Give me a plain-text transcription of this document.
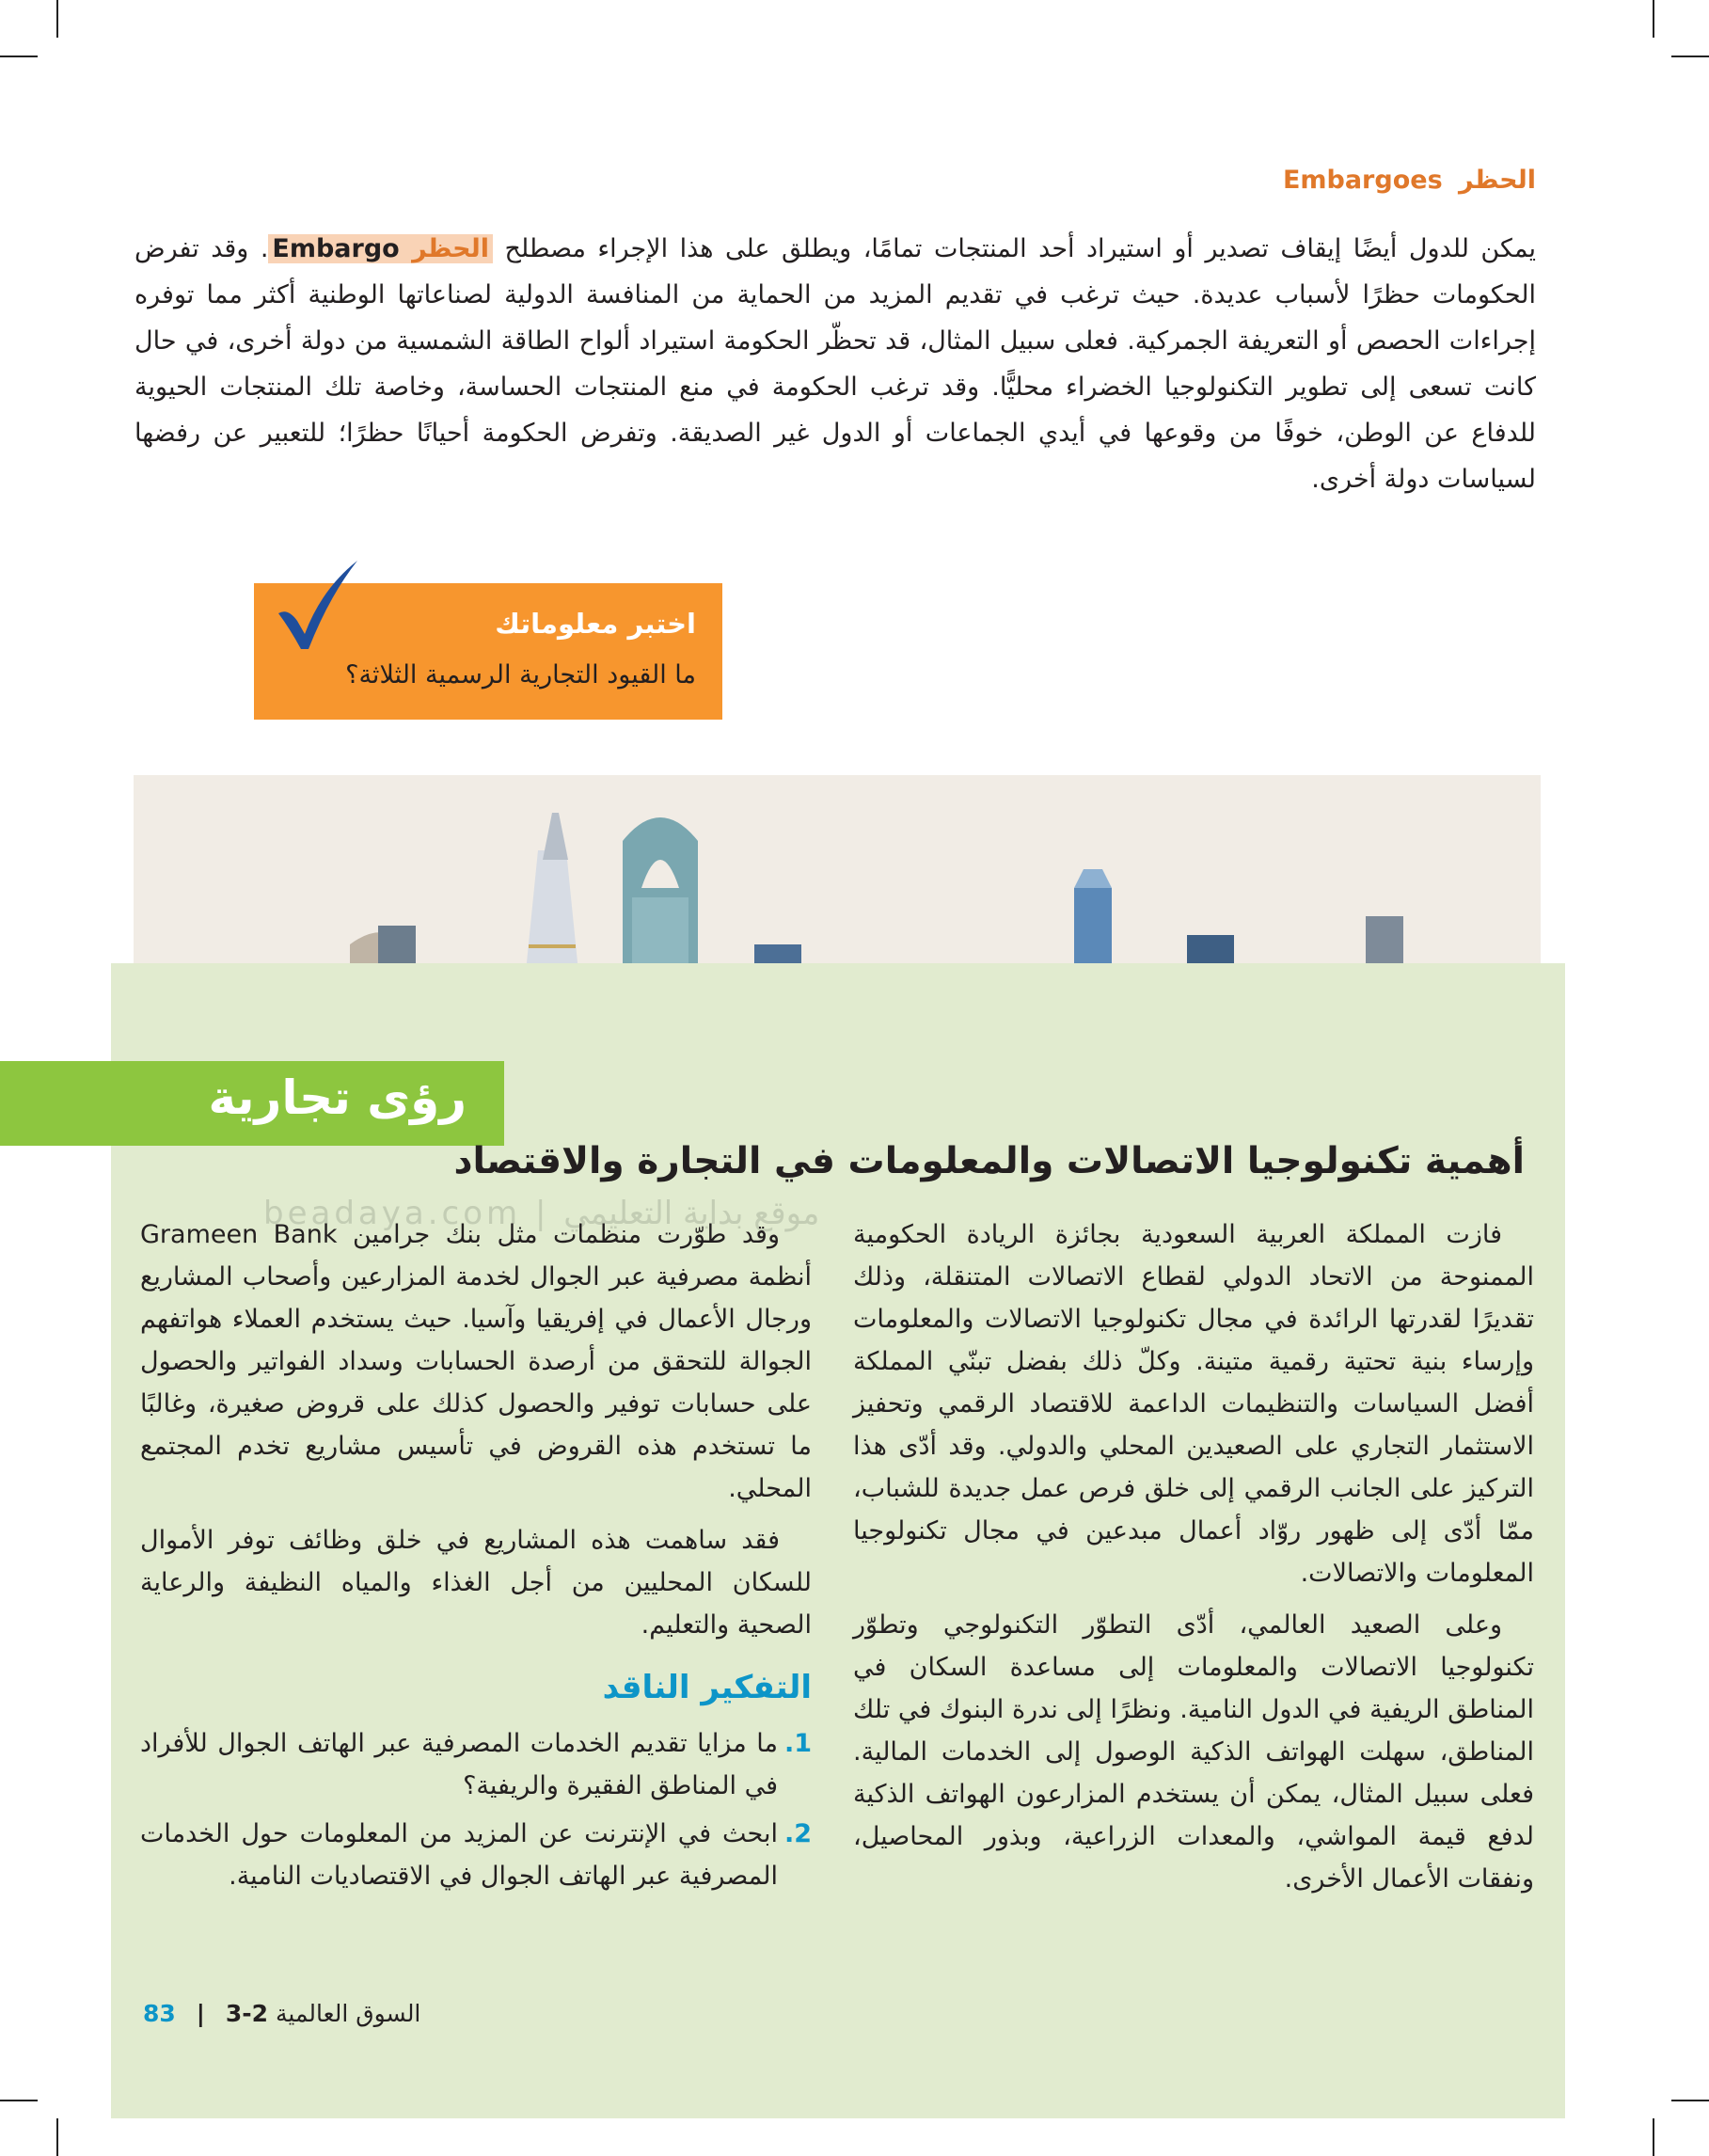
الحظر Embargoes

يمكن للدول أيضًا إيقاف تصدير أو استيراد أحد المنتجات تمامًا، ويطلق على هذا الإجراء مصطلح الحظر Embargo. وقد تفرض الحكومات حظرًا لأسباب عديدة. حيث ترغب في تقديم المزيد من الحماية من المنافسة الدولية لصناعاتها الوطنية أكثر مما توفره إجراءات الحصص أو التعريفة الجمركية. فعلى سبيل المثال، قد تحظّر الحكومة استيراد ألواح الطاقة الشمسية من دولة أخرى، في حال كانت تسعى إلى تطوير التكنولوجيا الخضراء محليًّا. وقد ترغب الحكومة في منع المنتجات الحساسة، وخاصة تلك المنتجات الحيوية للدفاع عن الوطن، خوفًا من وقوعها في أيدي الجماعات أو الدول غير الصديقة. وتفرض الحكومة أحيانًا حظرًا؛ للتعبير عن رفضها لسياسات دولة أخرى.

اختبر معلوماتك
ما القيود التجارية الرسمية الثلاثة؟
beadaya.com | موقع بداية التعليمي
رؤى تجارية
أهمية تكنولوجيا الاتصالات والمعلومات في التجارة والاقتصاد

فازت المملكة العربية السعودية بجائزة الريادة الحكومية الممنوحة من الاتحاد الدولي لقطاع الاتصالات المتنقلة، وذلك تقديرًا لقدرتها الرائدة في مجال تكنولوجيا الاتصالات والمعلومات وإرساء بنية تحتية رقمية متينة. وكلّ ذلك بفضل تبنّي المملكة أفضل السياسات والتنظيمات الداعمة للاقتصاد الرقمي وتحفيز الاستثمار التجاري على الصعيدين المحلي والدولي. وقد أدّى هذا التركيز على الجانب الرقمي إلى خلق فرص عمل جديدة للشباب، ممّا أدّى إلى ظهور روّاد أعمال مبدعين في مجال تكنولوجيا المعلومات والاتصالات.

وعلى الصعيد العالمي، أدّى التطوّر التكنولوجي وتطوّر تكنولوجيا الاتصالات والمعلومات إلى مساعدة السكان في المناطق الريفية في الدول النامية. ونظرًا إلى ندرة البنوك في تلك المناطق، سهلت الهواتف الذكية الوصول إلى الخدمات المالية. فعلى سبيل المثال، يمكن أن يستخدم المزارعون الهواتف الذكية لدفع قيمة المواشي، والمعدات الزراعية، وبذور المحاصيل، ونفقات الأعمال الأخرى.

وقد طوّرت منظمات مثل بنك جرامين Grameen Bank أنظمة مصرفية عبر الجوال لخدمة المزارعين وأصحاب المشاريع ورجال الأعمال في إفريقيا وآسيا. حيث يستخدم العملاء هواتفهم الجوالة للتحقق من أرصدة الحسابات وسداد الفواتير والحصول على حسابات توفير والحصول كذلك على قروض صغيرة، وغالبًا ما تستخدم هذه القروض في تأسيس مشاريع تخدم المجتمع المحلي.

فقد ساهمت هذه المشاريع في خلق وظائف توفر الأموال للسكان المحليين من أجل الغذاء والمياه النظيفة والرعاية الصحية والتعليم.

التفكير الناقد
1.
ما مزايا تقديم الخدمات المصرفية عبر الهاتف الجوال للأفراد في المناطق الفقيرة والريفية؟
2.
ابحث في الإنترنت عن المزيد من المعلومات حول الخدمات المصرفية عبر الهاتف الجوال في الاقتصاديات النامية.
83 |	السوق العالمية 2-3
